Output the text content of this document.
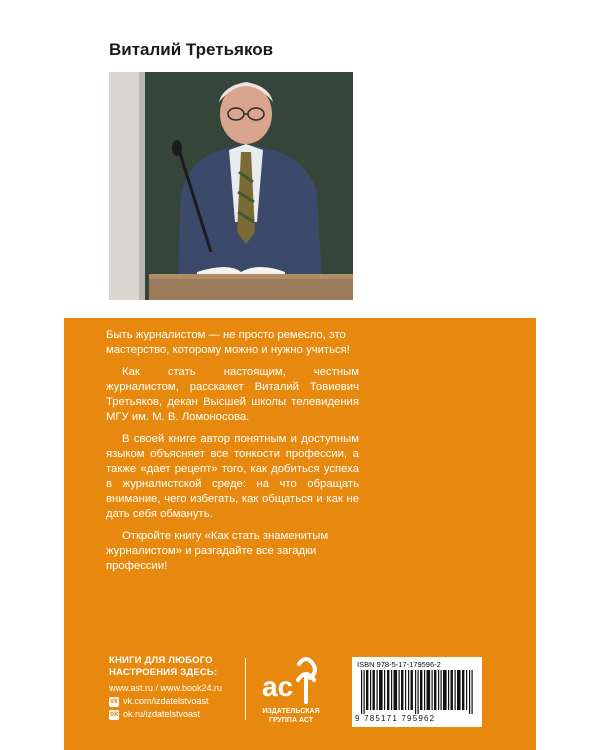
Виталий Третьяков

Быть журналистом — не просто ремесло, это мастерство, которому можно и нужно учиться!

Как стать настоящим, честным журналистом, расскажет Виталий Товиевич Третьяков, декан Высшей школы телевидения МГУ им. М. В. Ломоносова.

В своей книге автор понятным и доступным языком объясняет все тонкости профессии, а также «дает рецепт» того, как добиться успеха в журналистской среде: на что обращать внимание, чего избегать, как общаться и как не дать себя обмануть.

Откройте книгу «Как стать знаменитым журналистом» и разгадайте все загадки профессии!

КНИГИ ДЛЯ ЛЮБОГО
НАСТРОЕНИЯ ЗДЕСЬ:
www.ast.ru / www.book24.ru
vk vk.com/izdatelstvoast
ok ok.ru/izdatelstvoast
ac
ИЗДАТЕЛЬСКАЯ
ГРУППА АСТ
ISBN 978-5-17-179596-2
9 785171 795962
